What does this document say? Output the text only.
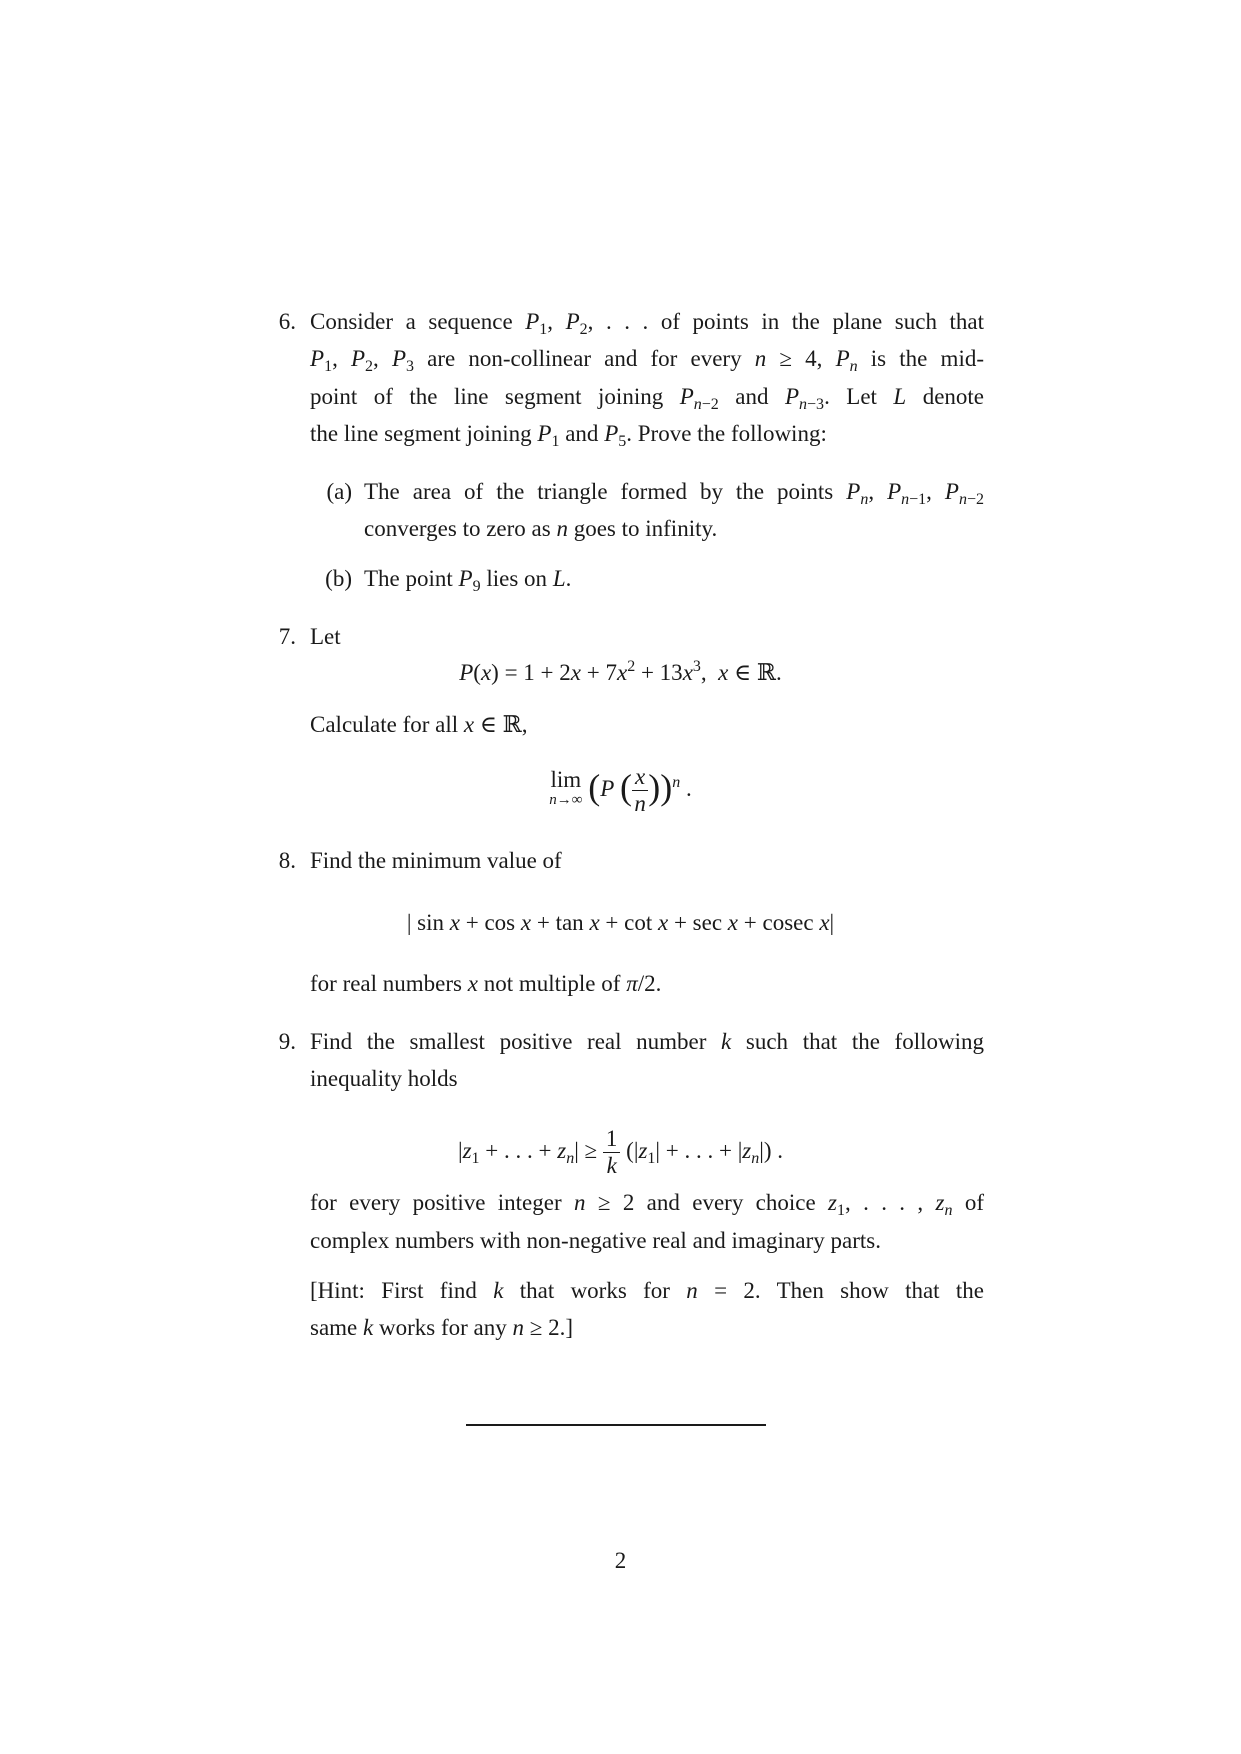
6. Consider a sequence $P_1$, $P_2$, . . . of points in the plane such that
$P_1$, $P_2$, $P_3$ are non-collinear and for every n ≥ 4, $P_n$ is the mid-
point of the line segment joining $P_{n-2}$ and $P_{n-3}$. Let L denote
the line segment joining $P_1$ and $P_5$. Prove the following:
(a) The area of the triangle formed by the points $P_n$, $P_{n-1}$, $P_{n-2}$
converges to zero as n goes to infinity.
(b) The point $P_9$ lies on L.
7. Let
$P(x) = 1 + 2x + 7x^2 + 13x^3$,  x ∈ ℝ.
Calculate for all x ∈ ℝ,
lim
n→∞ (P ( $\frac{x}{n} ))^n$ .
8. Find the minimum value of
| sin x + cos x + tan x + cot x + sec x + cosec x|
for real numbers x not multiple of π/2.
9. Find the smallest positive real number k such that the following
inequality holds
$|z_1$ + . . . + $z_n| \ge \frac{1}{k} (|z_1|$ + . . . + $|z_n|$) .
for every positive integer n ≥ 2 and every choice $z_1$, . . . , $z_n$ of
complex numbers with non-negative real and imaginary parts.
[Hint: First find k that works for n = 2. Then show that the
same k works for any n ≥ 2.]
2
